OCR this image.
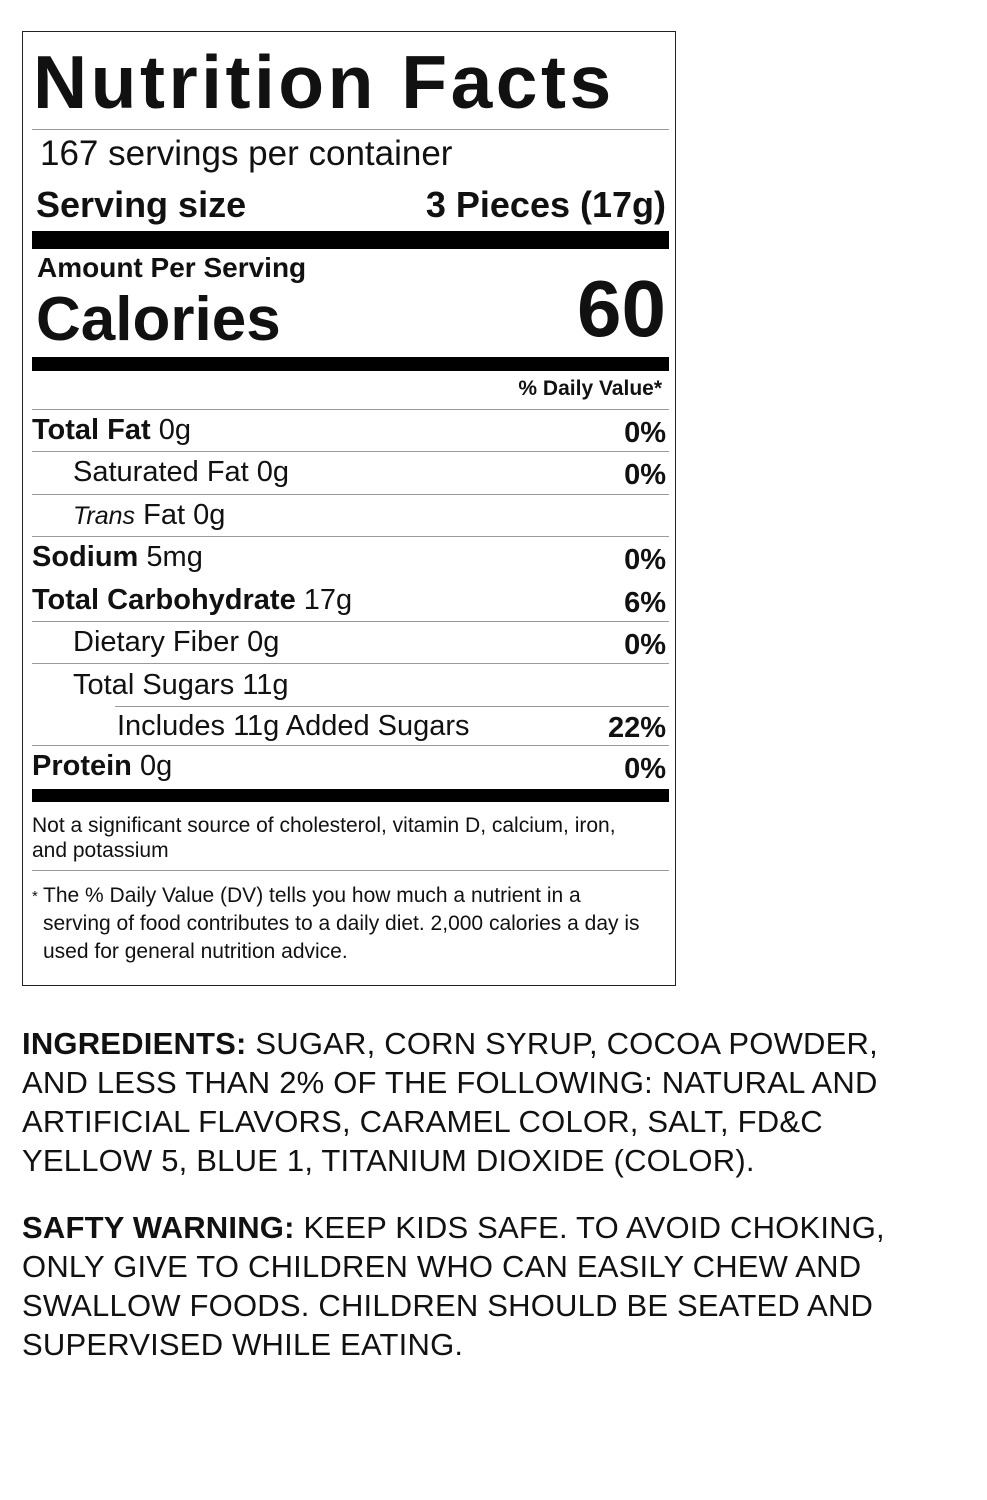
Nutrition Facts
167 servings per container
Serving size	3 Pieces (17g)
Amount Per Serving
Calories	60
% Daily Value*
Total Fat 0g	0%
Saturated Fat 0g	0%
Trans Fat 0g
Sodium 5mg	0%
Total Carbohydrate 17g	6%
Dietary Fiber 0g	0%
Total Sugars 11g
Includes 11g Added Sugars	22%
Protein 0g	0%
Not a significant source of cholesterol, vitamin D, calcium, iron, and potassium
* The % Daily Value (DV) tells you how much a nutrient in a serving of food contributes to a daily diet. 2,000 calories a day is used for general nutrition advice.
INGREDIENTS: SUGAR, CORN SYRUP, COCOA POWDER, AND LESS THAN 2% OF THE FOLLOWING: NATURAL AND ARTIFICIAL FLAVORS, CARAMEL COLOR, SALT, FD&C YELLOW 5, BLUE 1, TITANIUM DIOXIDE (COLOR).
SAFTY WARNING: KEEP KIDS SAFE. TO AVOID CHOKING, ONLY GIVE TO CHILDREN WHO CAN EASILY CHEW AND SWALLOW FOODS. CHILDREN SHOULD BE SEATED AND SUPERVISED WHILE EATING.
